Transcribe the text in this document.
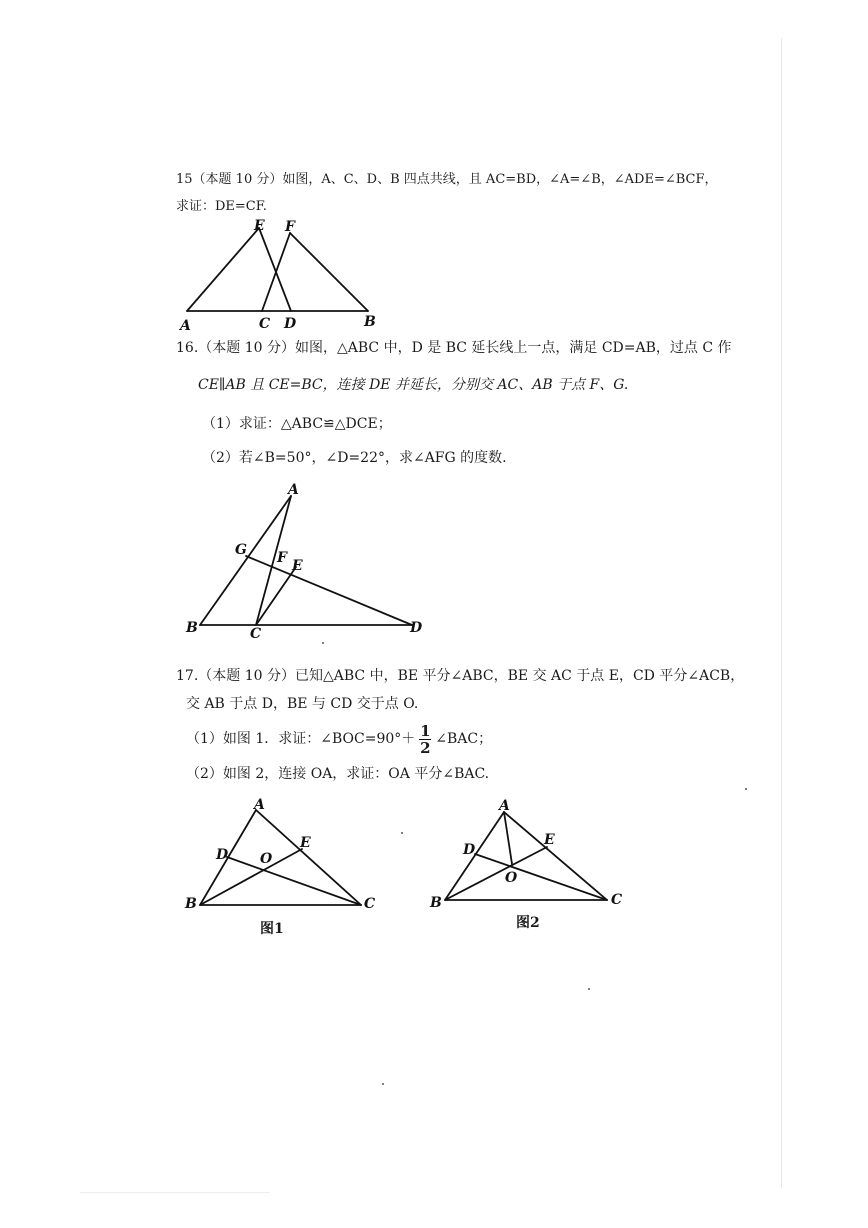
15（本题 10 分）如图，A、C、D、B 四点共线，且 AC=BD，∠A=∠B，∠ADE=∠BCF，
求证：DE=CF.
A	C D	B
E F
16.（本题 10 分）如图，△ABC 中，D 是 BC 延长线上一点，满足 CD=AB，过点 C 作
CE∥AB 且 CE=BC，连接 DE 并延长，分别交 AC、AB 于点 F、G.
（1）求证：△ABC≌△DCE；
（2）若∠B=50°，∠D=22°，求∠AFG 的度数.
A
B	C	D
E
F
G
17.（本题 10 分）已知△ABC 中，BE 平分∠ABC，BE 交 AC 于点 E，CD 平分∠ACB，
交 AB 于点 D，BE 与 CD 交于点 O.
（1）如图 1．求证：∠BOC=90°＋ $\frac{1}{2}$ ∠BAC；
（2）如图 2，连接 OA，求证：OA 平分∠BAC.
A
B	C
D
E
O
图1
A
B	C
D
E
O
图2
